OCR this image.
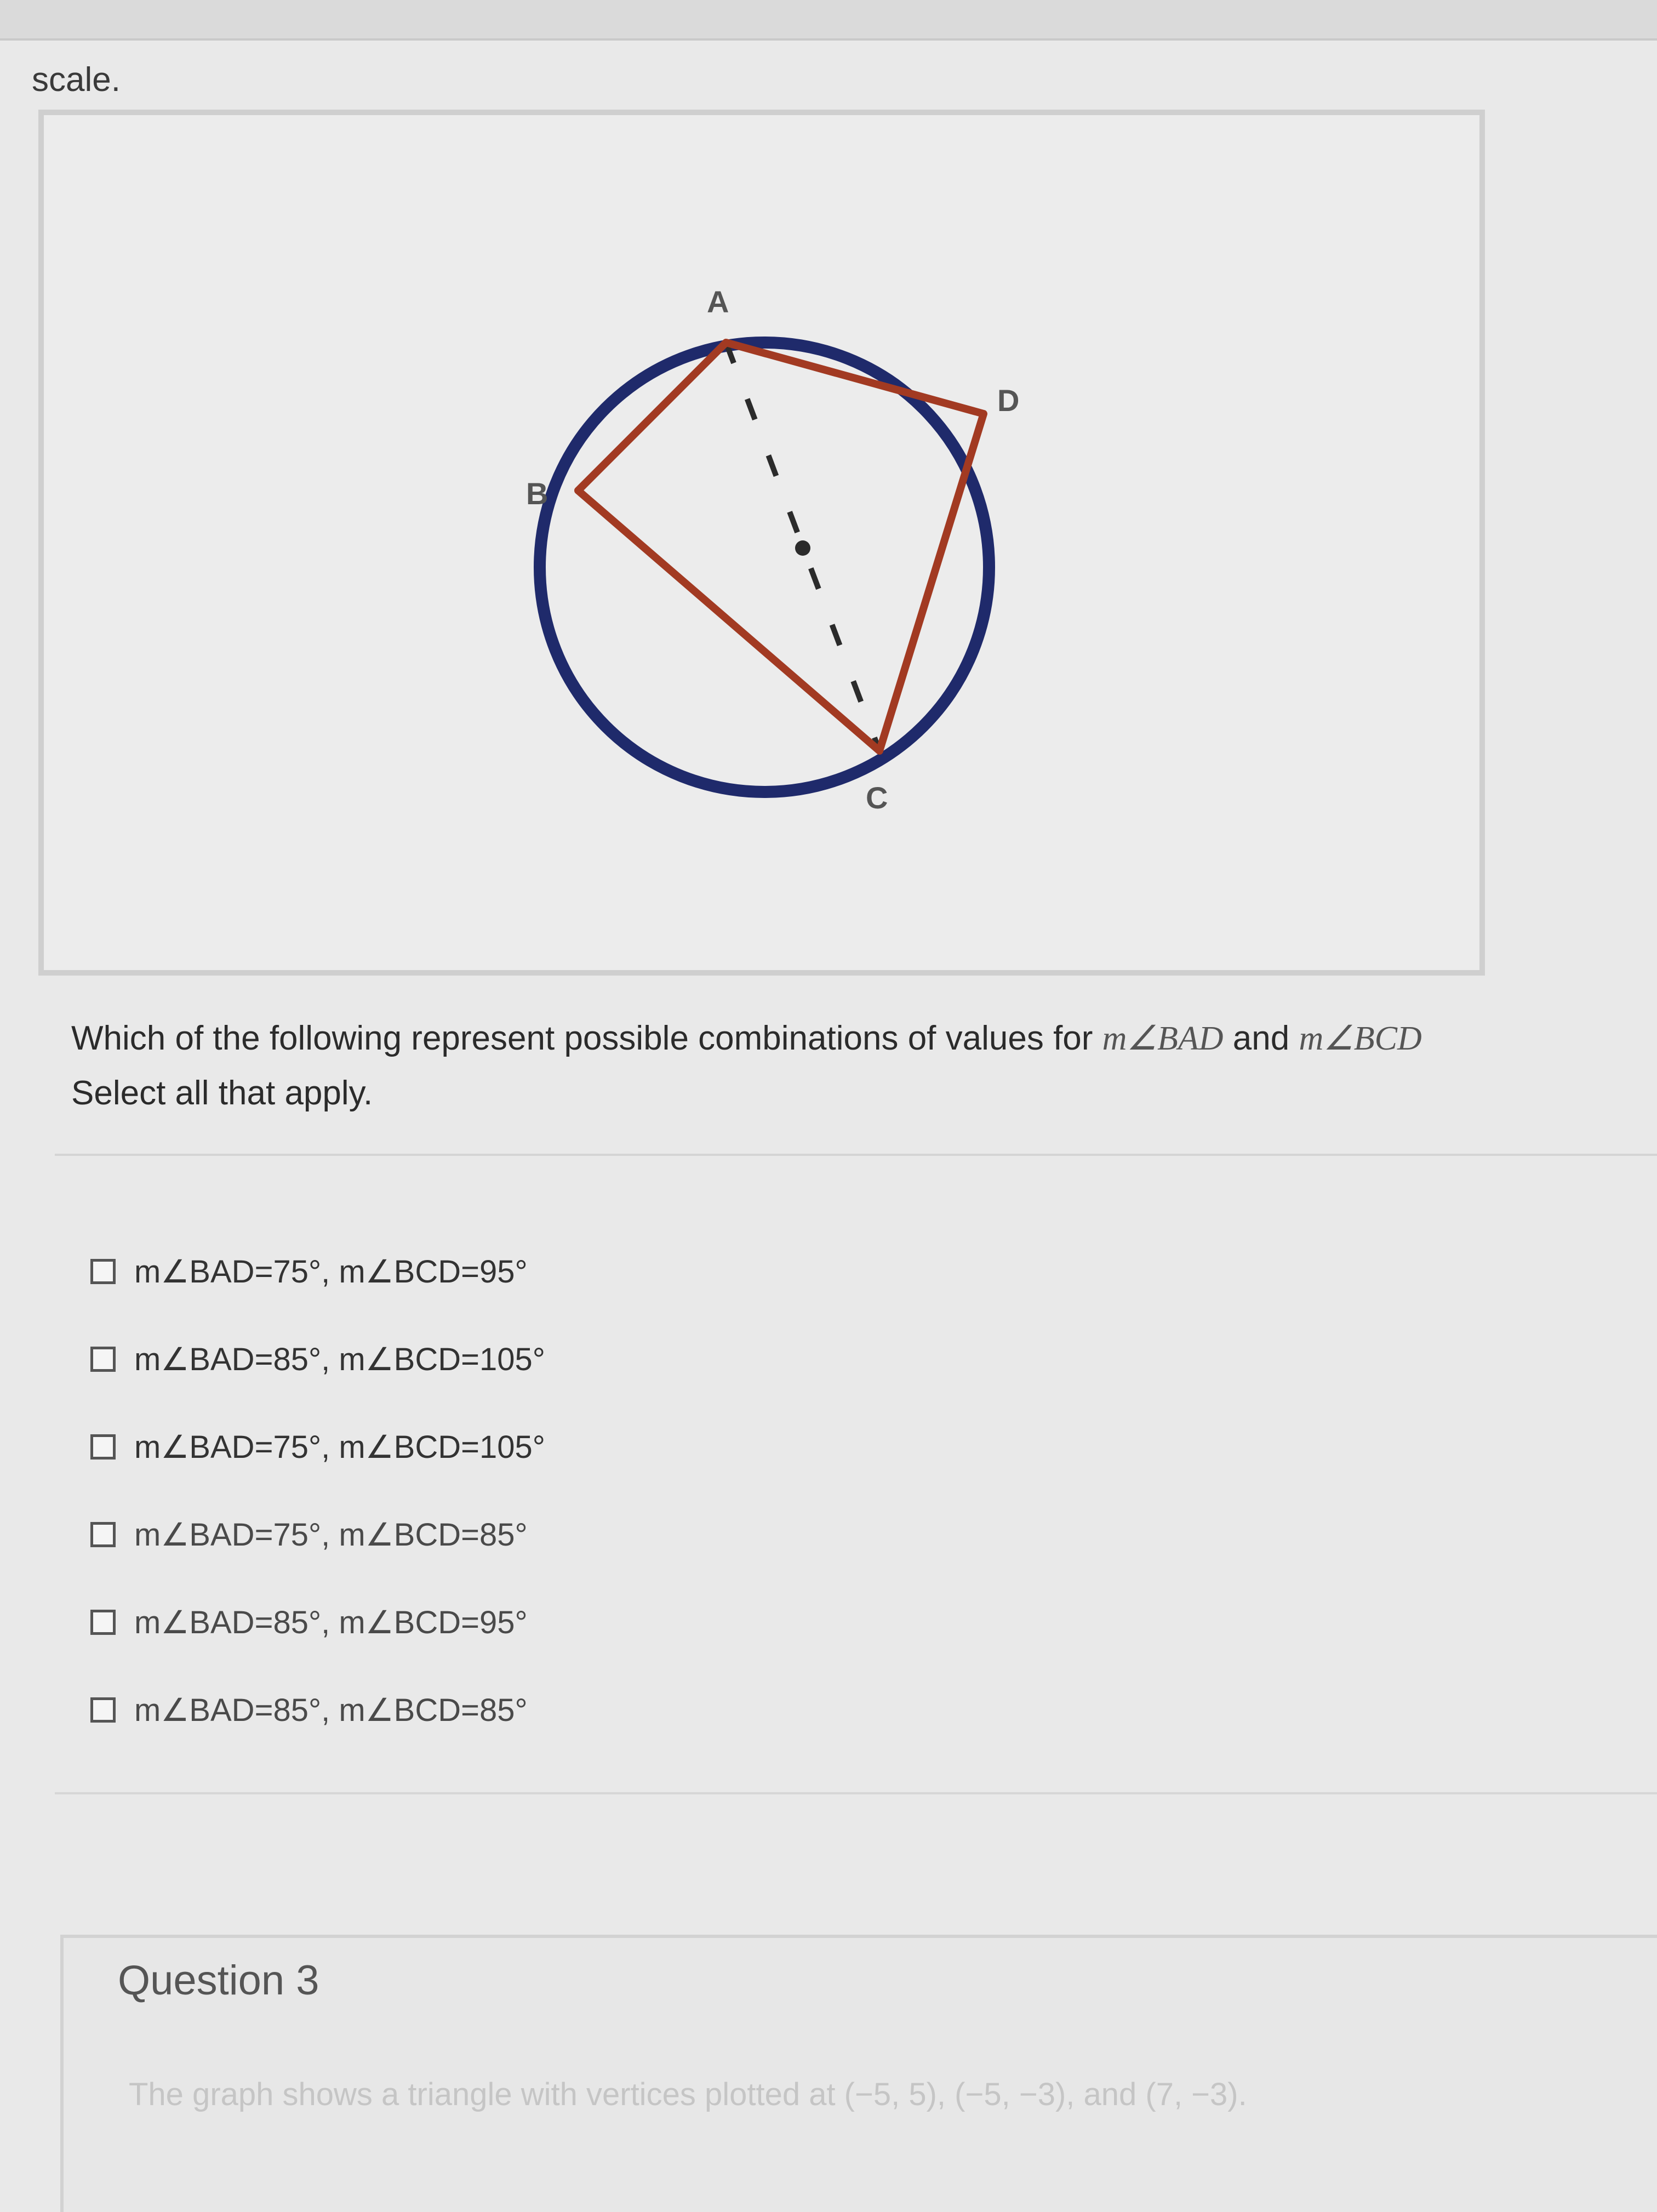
scale.
A
B
C
D
Which of the following represent possible combinations of values for m∠BAD and m∠BCD
Select all that apply.
m∠BAD=75°, m∠BCD=95°
m∠BAD=85°, m∠BCD=105°
m∠BAD=75°, m∠BCD=105°
m∠BAD=75°, m∠BCD=85°
m∠BAD=85°, m∠BCD=95°
m∠BAD=85°, m∠BCD=85°
Question 3
The graph shows a triangle with vertices plotted at (−5, 5), (−5, −3), and (7, −3).
